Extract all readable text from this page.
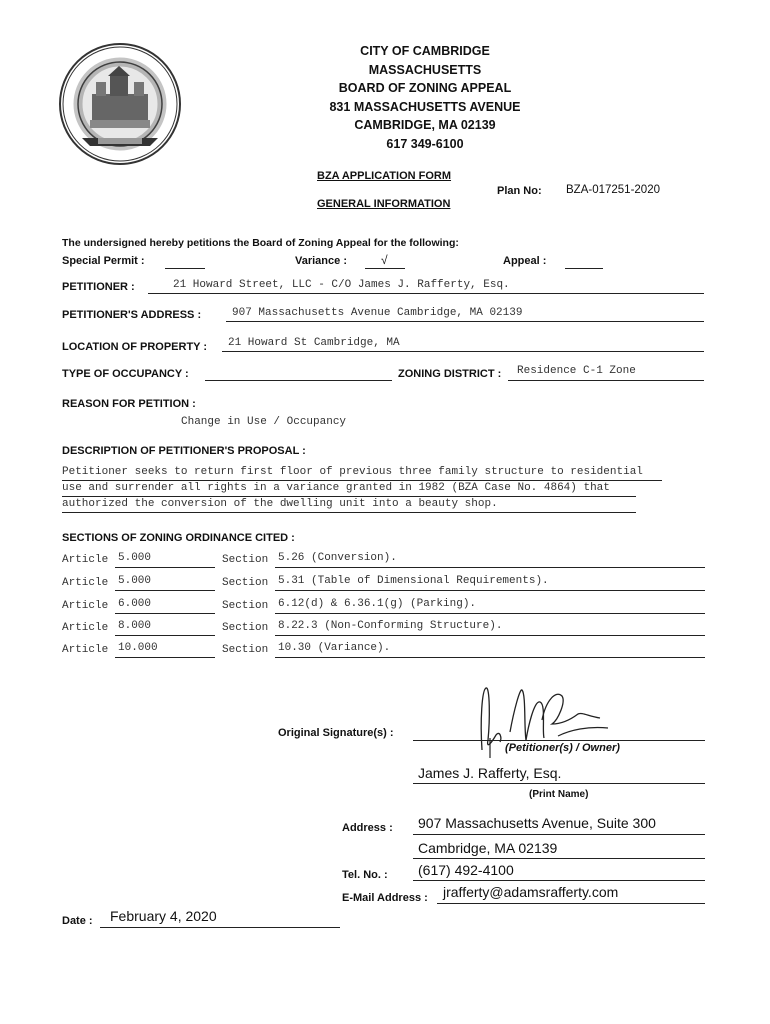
CITY OF CAMBRIDGE
MASSACHUSETTS
BOARD OF ZONING APPEAL
831 MASSACHUSETTS AVENUE
CAMBRIDGE, MA 02139
617 349-6100
BZA APPLICATION FORM
GENERAL INFORMATION
Plan No: BZA-017251-2020
The undersigned hereby petitions the Board of Zoning Appeal for the following:
Special Permit :	Variance :	√	Appeal :
PETITIONER :	21 Howard Street, LLC - C/O James J. Rafferty, Esq.
PETITIONER'S ADDRESS :	907 Massachusetts Avenue Cambridge, MA 02139
LOCATION OF PROPERTY : 21 Howard St Cambridge, MA
TYPE OF OCCUPANCY :	ZONING DISTRICT : Residence C-1 Zone
REASON FOR PETITION :
Change in Use / Occupancy
DESCRIPTION OF PETITIONER'S PROPOSAL :
Petitioner seeks to return first floor of previous three family structure to residential
use and surrender all rights in a variance granted in 1982 (BZA Case No. 4864) that
authorized the conversion of the dwelling unit into a beauty shop.
SECTIONS OF ZONING ORDINANCE CITED :
Article 5.000	Section 5.26 (Conversion).
Article 5.000	Section 5.31 (Table of Dimensional Requirements).
Article 6.000	Section 6.12(d) & 6.36.1(g) (Parking).
Article 8.000	Section 8.22.3 (Non-Conforming Structure).
Article 10.000	Section 10.30 (Variance).
Original Signature(s) :
(Petitioner(s) / Owner)
James J. Rafferty, Esq.
(Print Name)
Address : 907 Massachusetts Avenue, Suite 300
Cambridge, MA 02139
Tel. No. : (617) 492-4100
E-Mail Address : jrafferty@adamsrafferty.com
Date : February 4, 2020
